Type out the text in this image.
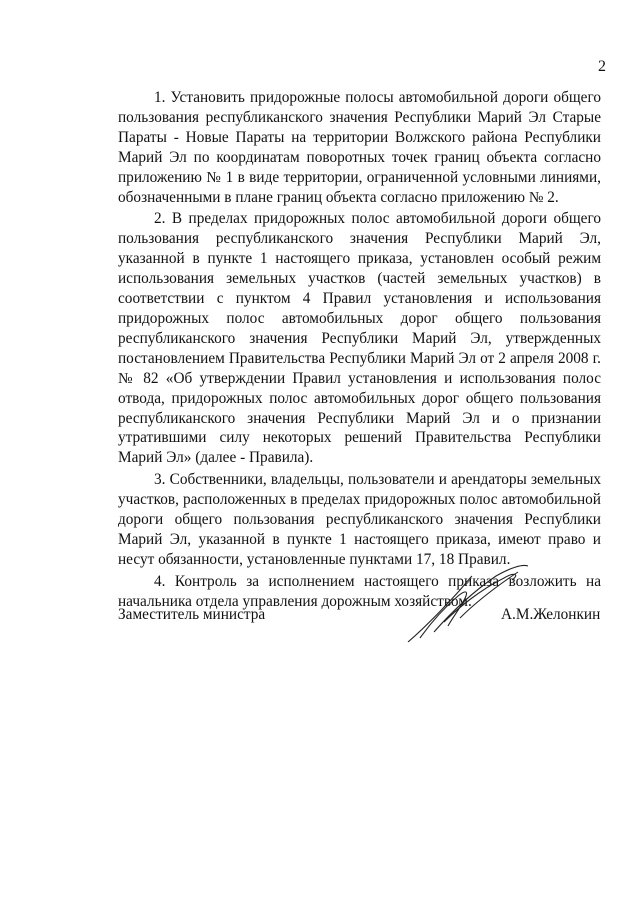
2

1. Установить придорожные полосы автомобильной дороги общего пользования республиканского значения Республики Марий Эл Старые Параты - Новые Параты на территории Волжского района Республики Марий Эл по координатам поворотных точек границ объекта согласно приложению № 1 в виде территории, ограниченной условными линиями, обозначенными в плане границ объекта согласно приложению № 2.

2. В пределах придорожных полос автомобильной дороги общего пользования республиканского значения Республики Марий Эл, указанной в пункте 1 настоящего приказа, установлен особый режим использования земельных участков (частей земельных участков) в соответствии с пунктом 4 Правил установления и использования придорожных полос автомобильных дорог общего пользования республиканского значения Республики Марий Эл, утвержденных постановлением Правительства Республики Марий Эл от 2 апреля 2008 г. № 82 «Об утверждении Правил установления и использования полос отвода, придорожных полос автомобильных дорог общего пользования республиканского значения Республики Марий Эл и о признании утратившими силу некоторых решений Правительства Республики Марий Эл» (далее - Правила).

3. Собственники, владельцы, пользователи и арендаторы земельных участков, расположенных в пределах придорожных полос автомобильной дороги общего пользования республиканского значения Республики Марий Эл, указанной в пункте 1 настоящего приказа, имеют право и несут обязанности, установленные пунктами 17, 18 Правил.

4. Контроль за исполнением настоящего приказа возложить на начальника отдела управления дорожным хозяйством.

Заместитель министра	А.М.Желонкин
